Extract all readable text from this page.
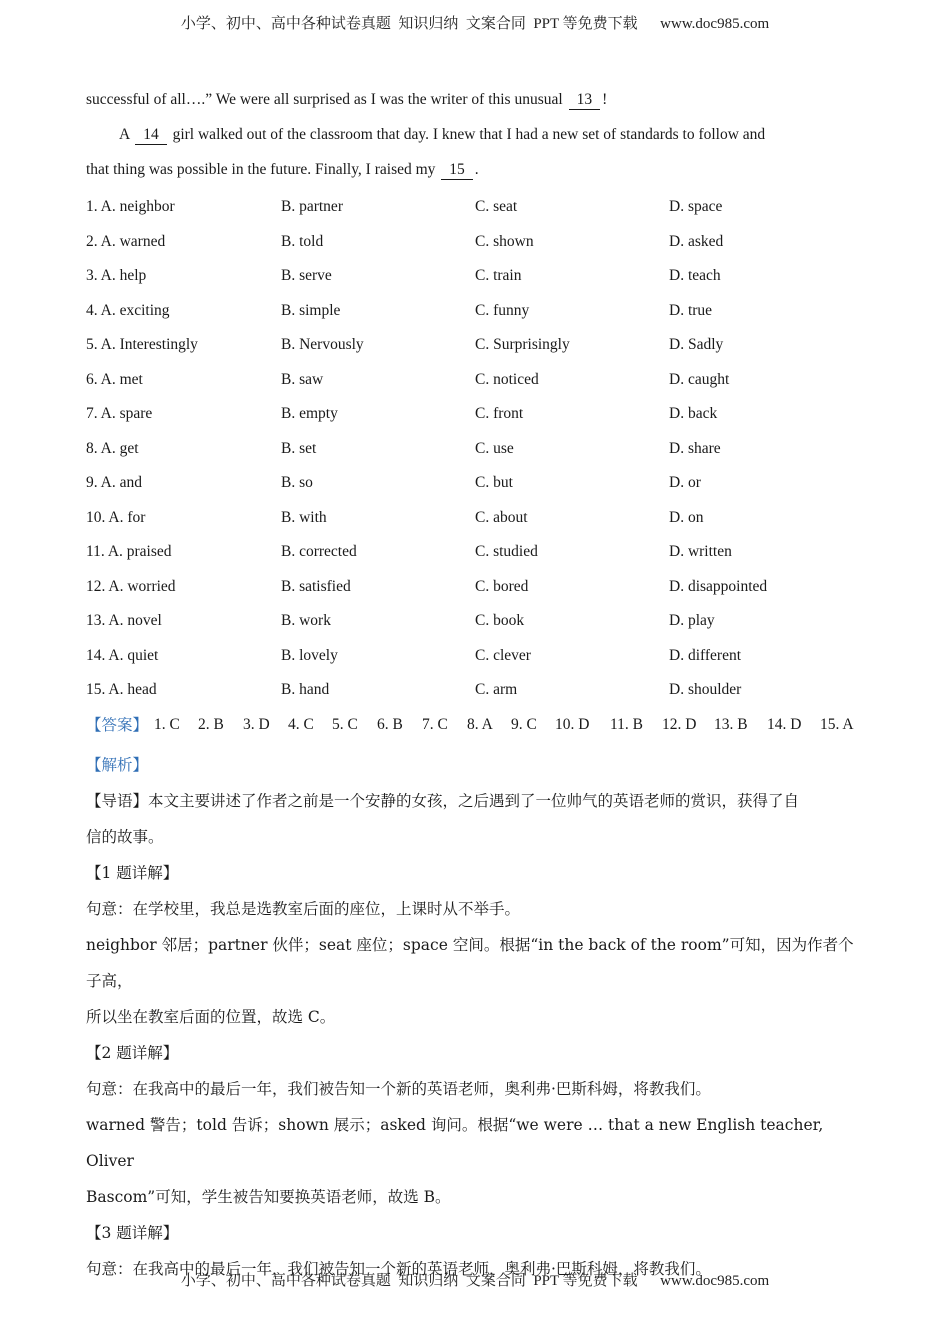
小学、初中、高中各种试卷真题  知识归纳  文案合同  PPT 等免费下载      www.doc985.com
successful of all….” We were all surprised as I was the writer of this unusual 13 !
A 14 girl walked out of the classroom that day. I knew that I had a new set of standards to follow and
that thing was possible in the future. Finally, I raised my 15 .
1. A. neighbor	B. partner	C. seat	D. space
2. A. warned	B. told	C. shown	D. asked
3. A. help	B. serve	C. train	D. teach
4. A. exciting	B. simple	C. funny	D. true
5. A. Interestingly	B. Nervously	C. Surprisingly	D. Sadly
6. A. met	B. saw	C. noticed	D. caught
7. A. spare	B. empty	C. front	D. back
8. A. get	B. set	C. use	D. share
9. A. and	B. so	C. but	D. or
10. A. for	B. with	C. about	D. on
11. A. praised	B. corrected	C. studied	D. written
12. A. worried	B. satisfied	C. bored	D. disappointed
13. A. novel	B. work	C. book	D. play
14. A. quiet	B. lovely	C. clever	D. different
15. A. head	B. hand	C. arm	D. shoulder
【答案】 1. C 2. B 3. D 4. C 5. C 6. B 7. C 8. A 9. C 10. D 11. B 12. D 13. B 14. D 15. A
【解析】
【导语】本文主要讲述了作者之前是一个安静的女孩，之后遇到了一位帅气的英语老师的赏识，获得了自
信的故事。
【1 题详解】
句意：在学校里，我总是选教室后面的座位，上课时从不举手。
neighbor 邻居；partner 伙伴；seat 座位；space 空间。根据“in the back of the room”可知，因为作者个子高，
所以坐在教室后面的位置，故选 C。
【2 题详解】
句意：在我高中的最后一年，我们被告知一个新的英语老师，奥利弗·巴斯科姆，将教我们。
warned 警告；told 告诉；shown 展示；asked 询问。根据“we were … that a new English teacher, Oliver
Bascom”可知，学生被告知要换英语老师，故选 B。
【3 题详解】
句意：在我高中的最后一年，我们被告知一个新的英语老师，奥利弗·巴斯科姆，将教我们。
小学、初中、高中各种试卷真题  知识归纳  文案合同  PPT 等免费下载      www.doc985.com
